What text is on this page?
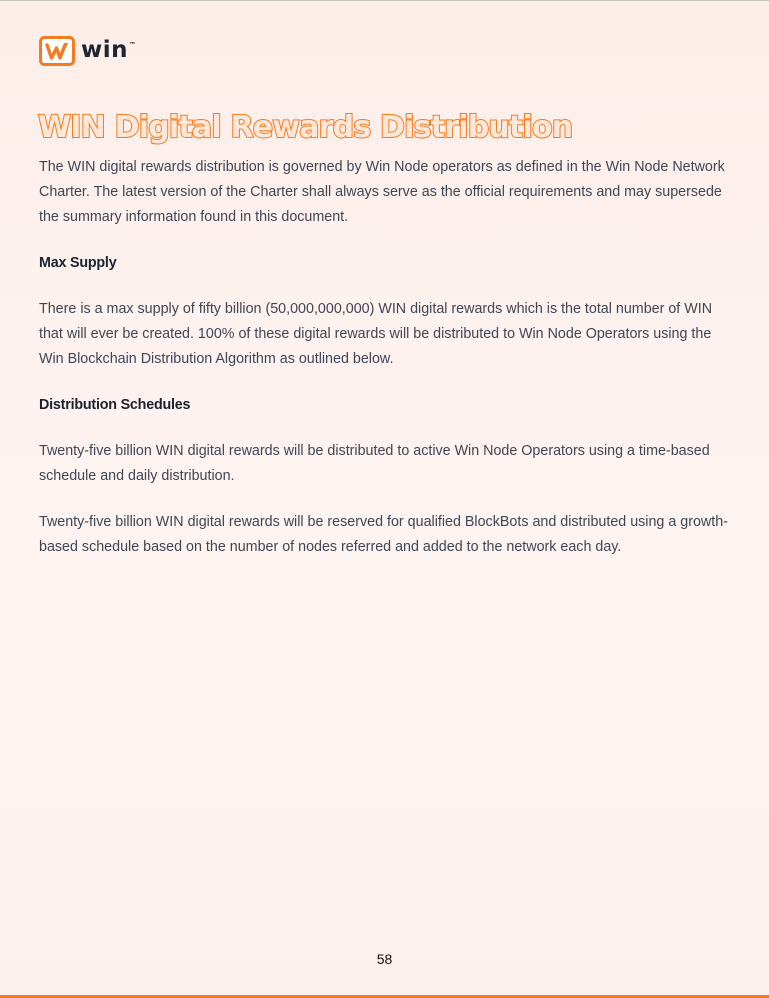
win™
WIN Digital Rewards Distribution

The WIN digital rewards distribution is governed by Win Node operators as defined in the Win Node Network Charter. The latest version of the Charter shall always serve as the official requirements and may supersede the summary information found in this document.

Max Supply

There is a max supply of fifty billion (50,000,000,000) WIN digital rewards which is the total number of WIN that will ever be created. 100% of these digital rewards will be distributed to Win Node Operators using the Win Blockchain Distribution Algorithm as outlined below.

Distribution Schedules

Twenty-five billion WIN digital rewards will be distributed to active Win Node Operators using a time-based schedule and daily distribution.

Twenty-five billion WIN digital rewards will be reserved for qualified BlockBots and distributed using a growth-based schedule based on the number of nodes referred and added to the network each day.

58
